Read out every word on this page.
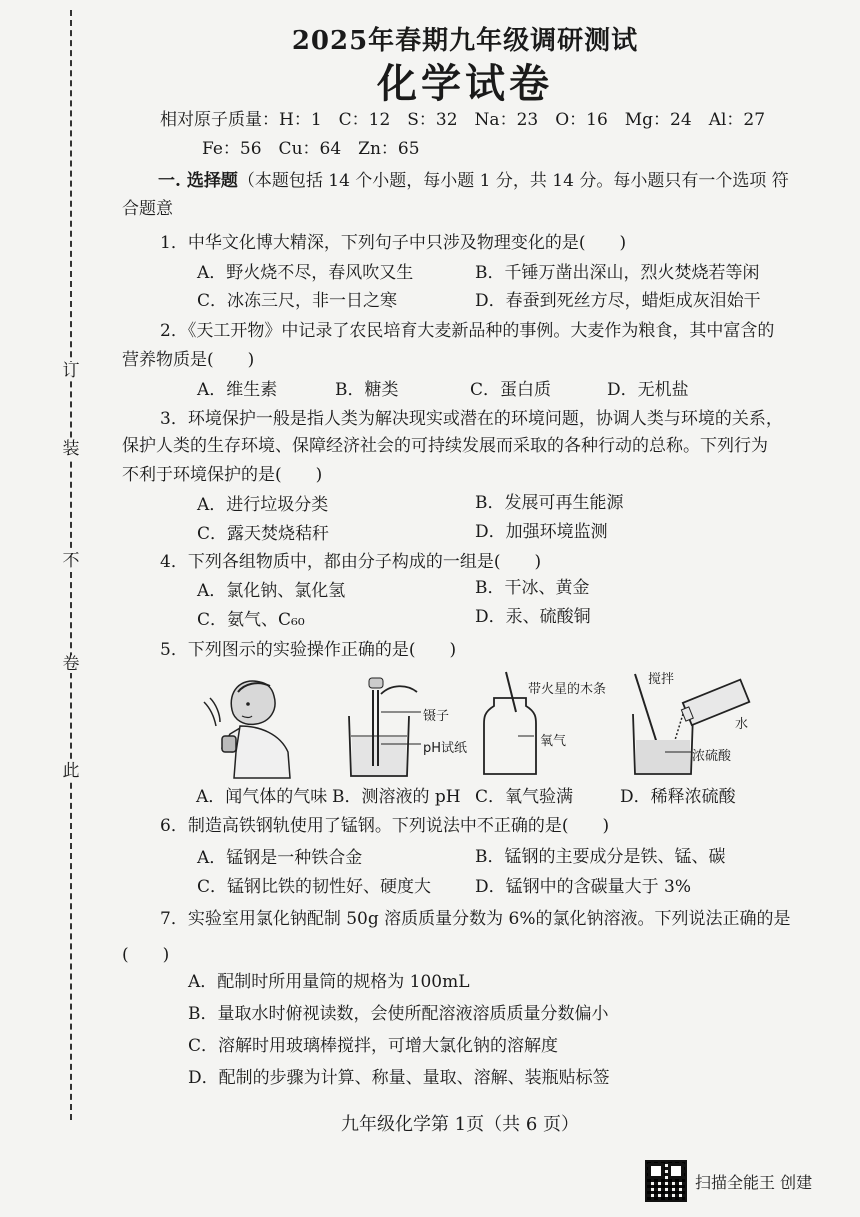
订
装
不
卷
此
2025年春期九年级调研测试
化学试卷
相对原子质量：H：1　C：12　S：32　Na：23　O：16　Mg：24　Al：27
Fe：56　Cu：64　Zn：65
一. 选择题（本题包括 14 个小题，每小题 1 分，共 14 分。每小题只有一个选项 符
合题意
1．中华文化博大精深，下列句子中只涉及物理变化的是(　　)
A．野火烧不尽，春风吹又生	B．千锤万凿出深山，烈火焚烧若等闲
C．冰冻三尺，非一日之寒	D．春蚕到死丝方尽，蜡炬成灰泪始干
2．《天工开物》中记录了农民培育大麦新品种的事例。大麦作为粮食，其中富含的
营养物质是(　　)
A．维生素	B．糖类	C．蛋白质	D．无机盐
3．环境保护一般是指人类为解决现实或潜在的环境问题，协调人类与环境的关系，
保护人类的生存环境、保障经济社会的可持续发展而采取的各种行动的总称。下列行为
不利于环境保护的是(　　)
A．进行垃圾分类	B．发展可再生能源
C．露天焚烧秸秆	D．加强环境监测
4．下列各组物质中，都由分子构成的一组是(　　)
A．氯化钠、氯化氢	B．干冰、黄金
C．氨气、C₆₀	D．汞、硫酸铜
5．下列图示的实验操作正确的是(　　)
镊子
pH试纸
带火星的木条
氧气
搅拌
水
浓硫酸
A．闻气体的气味 B．测溶液的 pH C．氧气验满	D．稀释浓硫酸
6．制造高铁钢轨使用了锰钢。下列说法中不正确的是(　　)
A．锰钢是一种铁合金	B．锰钢的主要成分是铁、锰、碳
C．锰钢比铁的韧性好、硬度大	D．锰钢中的含碳量大于 3%
7．实验室用氯化钠配制 50g 溶质质量分数为 6%的氯化钠溶液。下列说法正确的是
(　　)
A．配制时所用量筒的规格为 100mL
B．量取水时俯视读数，会使所配溶液溶质质量分数偏小
C．溶解时用玻璃棒搅拌，可增大氯化钠的溶解度
D．配制的步骤为计算、称量、量取、溶解、装瓶贴标签
九年级化学第 1页（共 6 页）
扫描全能王 创建
